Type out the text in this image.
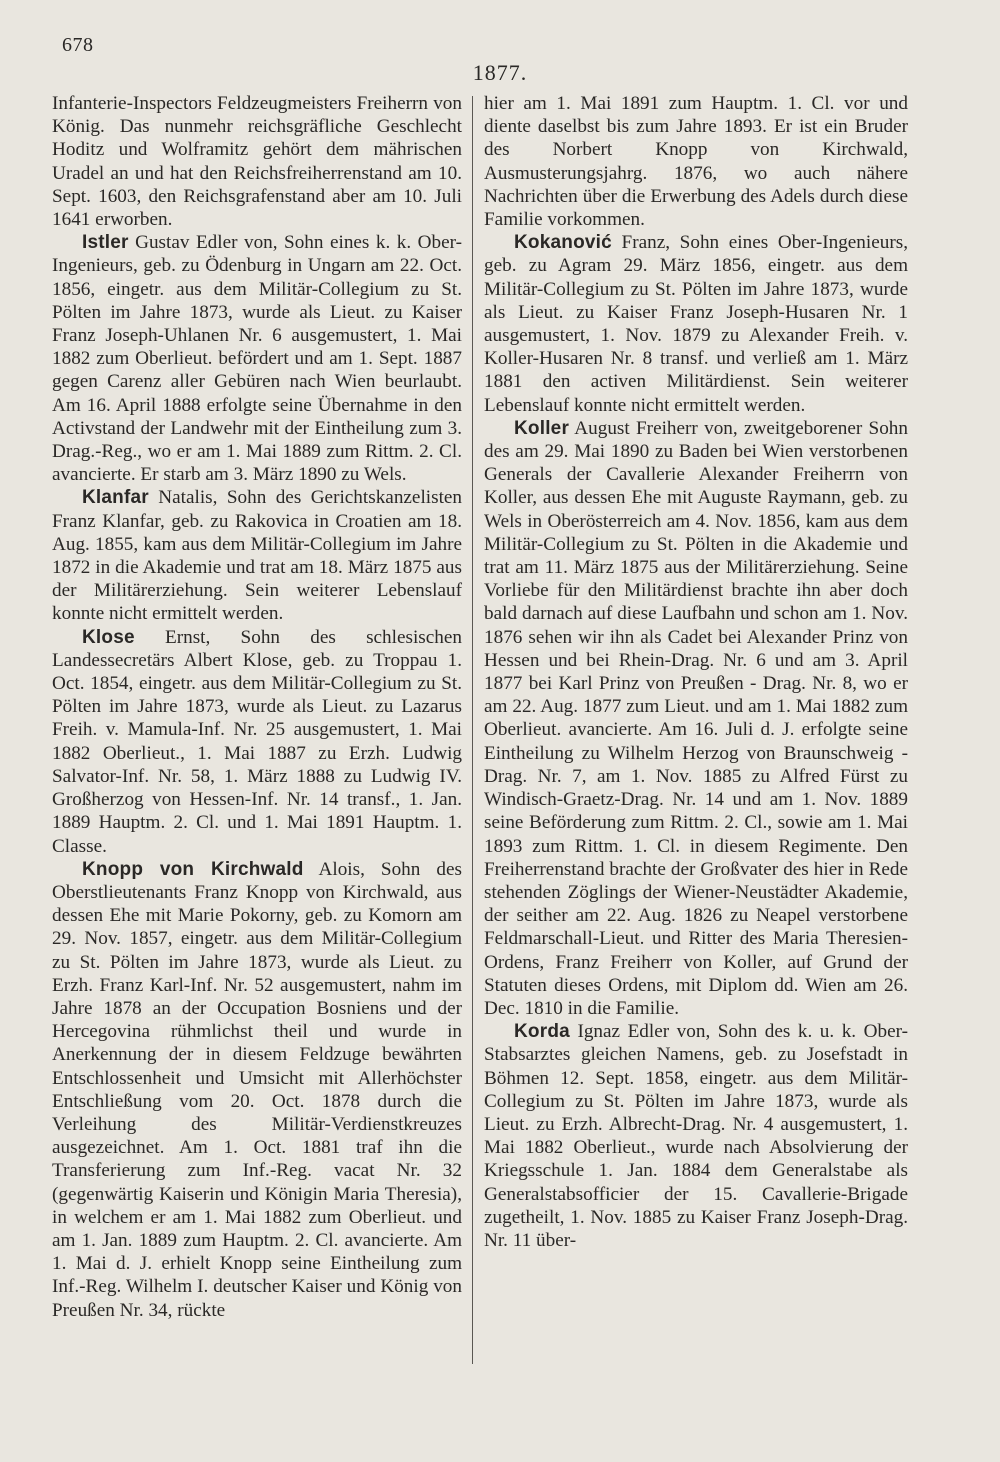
678
1877.

Infanterie-Inspectors Feldzeugmeisters Freiherrn von König. Das nunmehr reichsgräfliche Geschlecht Hoditz und Wolframitz gehört dem mährischen Uradel an und hat den Reichsfreiherrenstand am 10. Sept. 1603, den Reichsgrafenstand aber am 10. Juli 1641 erworben.

Istler Gustav Edler von, Sohn eines k. k. Ober-Ingenieurs, geb. zu Ödenburg in Ungarn am 22. Oct. 1856, eingetr. aus dem Militär-Collegium zu St. Pölten im Jahre 1873, wurde als Lieut. zu Kaiser Franz Joseph-Uhlanen Nr. 6 ausgemustert, 1. Mai 1882 zum Oberlieut. befördert und am 1. Sept. 1887 gegen Carenz aller Gebüren nach Wien beurlaubt. Am 16. April 1888 erfolgte seine Übernahme in den Activstand der Landwehr mit der Eintheilung zum 3. Drag.-Reg., wo er am 1. Mai 1889 zum Rittm. 2. Cl. avancierte. Er starb am 3. März 1890 zu Wels.

Klanfar Natalis, Sohn des Gerichtskanzelisten Franz Klanfar, geb. zu Rakovica in Croatien am 18. Aug. 1855, kam aus dem Militär-Collegium im Jahre 1872 in die Akademie und trat am 18. März 1875 aus der Militärerziehung. Sein weiterer Lebenslauf konnte nicht ermittelt werden.

Klose Ernst, Sohn des schlesischen Landessecretärs Albert Klose, geb. zu Troppau 1. Oct. 1854, eingetr. aus dem Militär-Collegium zu St. Pölten im Jahre 1873, wurde als Lieut. zu Lazarus Freih. v. Mamula-Inf. Nr. 25 ausgemustert, 1. Mai 1882 Oberlieut., 1. Mai 1887 zu Erzh. Ludwig Salvator-Inf. Nr. 58, 1. März 1888 zu Ludwig IV. Großherzog von Hessen-Inf. Nr. 14 transf., 1. Jan. 1889 Hauptm. 2. Cl. und 1. Mai 1891 Hauptm. 1. Classe.

Knopp von Kirchwald Alois, Sohn des Oberstlieutenants Franz Knopp von Kirchwald, aus dessen Ehe mit Marie Pokorny, geb. zu Komorn am 29. Nov. 1857, eingetr. aus dem Militär-Collegium zu St. Pölten im Jahre 1873, wurde als Lieut. zu Erzh. Franz Karl-Inf. Nr. 52 ausgemustert, nahm im Jahre 1878 an der Occupation Bosniens und der Hercegovina rühmlichst theil und wurde in Anerkennung der in diesem Feldzuge bewährten Entschlossenheit und Umsicht mit Allerhöchster Entschließung vom 20. Oct. 1878 durch die Verleihung des Militär-Verdienstkreuzes ausgezeichnet. Am 1. Oct. 1881 traf ihn die Transferierung zum Inf.-Reg. vacat Nr. 32 (gegenwärtig Kaiserin und Königin Maria Theresia), in welchem er am 1. Mai 1882 zum Oberlieut. und am 1. Jan. 1889 zum Hauptm. 2. Cl. avancierte. Am 1. Mai d. J. erhielt Knopp seine Eintheilung zum Inf.-Reg. Wilhelm I. deutscher Kaiser und König von Preußen Nr. 34, rückte

hier am 1. Mai 1891 zum Hauptm. 1. Cl. vor und diente daselbst bis zum Jahre 1893. Er ist ein Bruder des Norbert Knopp von Kirchwald, Ausmusterungsjahrg. 1876, wo auch nähere Nachrichten über die Erwerbung des Adels durch diese Familie vorkommen.

Kokanović Franz, Sohn eines Ober-Ingenieurs, geb. zu Agram 29. März 1856, eingetr. aus dem Militär-Collegium zu St. Pölten im Jahre 1873, wurde als Lieut. zu Kaiser Franz Joseph-Husaren Nr. 1 ausgemustert, 1. Nov. 1879 zu Alexander Freih. v. Koller-Husaren Nr. 8 transf. und verließ am 1. März 1881 den activen Militärdienst. Sein weiterer Lebenslauf konnte nicht ermittelt werden.

Koller August Freiherr von, zweitgeborener Sohn des am 29. Mai 1890 zu Baden bei Wien verstorbenen Generals der Cavallerie Alexander Freiherrn von Koller, aus dessen Ehe mit Auguste Raymann, geb. zu Wels in Oberösterreich am 4. Nov. 1856, kam aus dem Militär-Collegium zu St. Pölten in die Akademie und trat am 11. März 1875 aus der Militärerziehung. Seine Vorliebe für den Militärdienst brachte ihn aber doch bald darnach auf diese Laufbahn und schon am 1. Nov. 1876 sehen wir ihn als Cadet bei Alexander Prinz von Hessen und bei Rhein-Drag. Nr. 6 und am 3. April 1877 bei Karl Prinz von Preußen - Drag. Nr. 8, wo er am 22. Aug. 1877 zum Lieut. und am 1. Mai 1882 zum Oberlieut. avancierte. Am 16. Juli d. J. erfolgte seine Eintheilung zu Wilhelm Herzog von Braunschweig - Drag. Nr. 7, am 1. Nov. 1885 zu Alfred Fürst zu Windisch-Graetz-Drag. Nr. 14 und am 1. Nov. 1889 seine Beförderung zum Rittm. 2. Cl., sowie am 1. Mai 1893 zum Rittm. 1. Cl. in diesem Regimente. Den Freiherrenstand brachte der Großvater des hier in Rede stehenden Zöglings der Wiener-Neustädter Akademie, der seither am 22. Aug. 1826 zu Neapel verstorbene Feldmarschall-Lieut. und Ritter des Maria Theresien-Ordens, Franz Freiherr von Koller, auf Grund der Statuten dieses Ordens, mit Diplom dd. Wien am 26. Dec. 1810 in die Familie.

Korda Ignaz Edler von, Sohn des k. u. k. Ober-Stabsarztes gleichen Namens, geb. zu Josefstadt in Böhmen 12. Sept. 1858, eingetr. aus dem Militär-Collegium zu St. Pölten im Jahre 1873, wurde als Lieut. zu Erzh. Albrecht-Drag. Nr. 4 ausgemustert, 1. Mai 1882 Oberlieut., wurde nach Absolvierung der Kriegsschule 1. Jan. 1884 dem Generalstabe als Generalstabsofficier der 15. Cavallerie-Brigade zugetheilt, 1. Nov. 1885 zu Kaiser Franz Joseph-Drag. Nr. 11 über-
